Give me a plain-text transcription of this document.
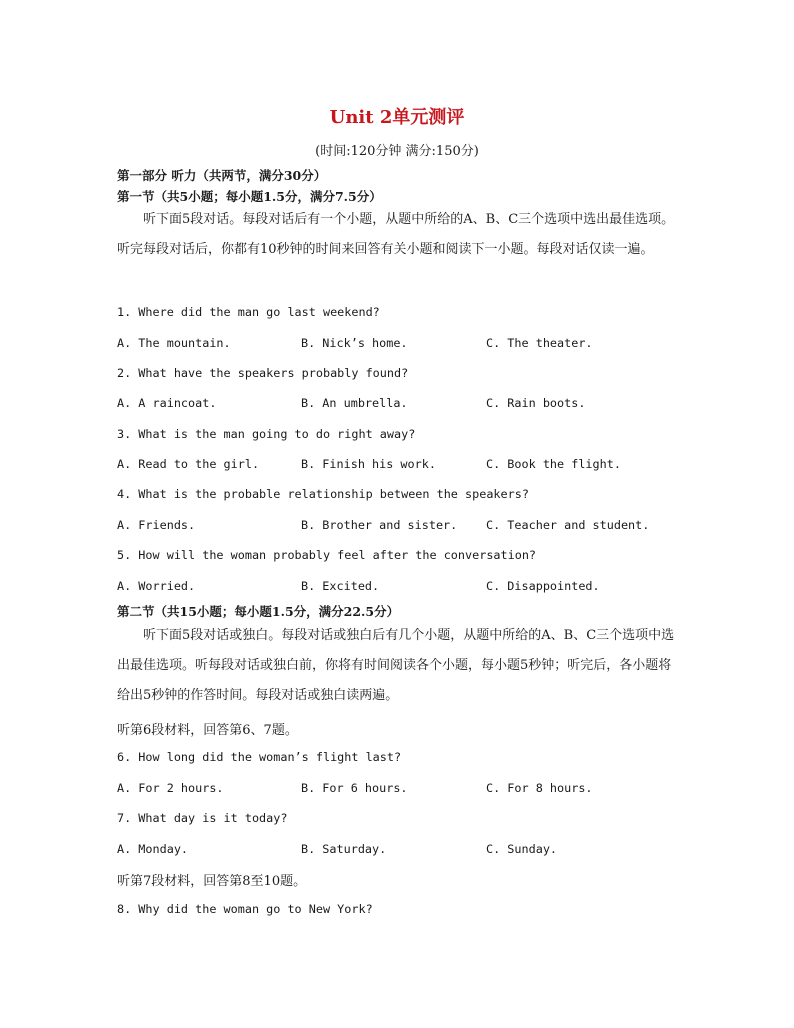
Unit 2单元测评
(时间:120分钟 满分:150分)
第一部分 听力（共两节，满分30分）
第一节（共5小题；每小题1.5分，满分7.5分）
听下面5段对话。每段对话后有一个小题，从题中所给的A、B、C三个选项中选出最佳选项。听完每段对话后，你都有10秒钟的时间来回答有关小题和阅读下一小题。每段对话仅读一遍。
1. Where did the man go last weekend?
A. The mountain.	B. Nick’s home.	C. The theater.
2. What have the speakers probably found?
A. A raincoat.	B. An umbrella.	C. Rain boots.
3. What is the man going to do right away?
A. Read to the girl.	B. Finish his work.	C. Book the flight.
4. What is the probable relationship between the speakers?
A. Friends.	B. Brother and sister. C. Teacher and student.
5. How will the woman probably feel after the conversation?
A. Worried.	B. Excited.	C. Disappointed.
第二节（共15小题；每小题1.5分，满分22.5分）
听下面5段对话或独白。每段对话或独白后有几个小题，从题中所给的A、B、C三个选项中选出最佳选项。听每段对话或独白前，你将有时间阅读各个小题，每小题5秒钟；听完后，各小题将给出5秒钟的作答时间。每段对话或独白读两遍。
听第6段材料，回答第6、7题。
6. How long did the woman’s flight last?
A. For 2 hours.	B. For 6 hours.	C. For 8 hours.
7. What day is it today?
A. Monday.	B. Saturday.	C. Sunday.
听第7段材料，回答第8至10题。
8. Why did the woman go to New York?
